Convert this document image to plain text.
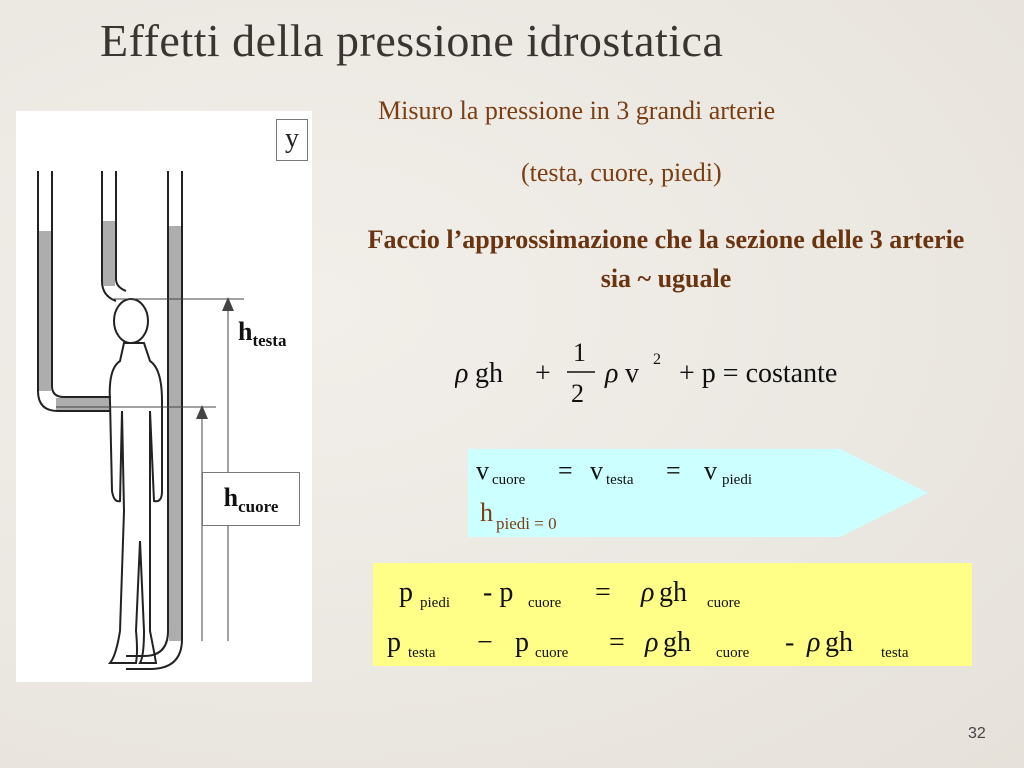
Effetti della pressione idrostatica
y
$h_{testa}$
$h_{cuore}$
Misuro la pressione in 3 grandi arterie
(testa, cuore, piedi)
Faccio l’approssimazione che la sezione delle 3 arterie sia ~ uguale
ρ gh +
1
2
ρ v 2 + p = costante
v cuore = v testa = v piedi
h piedi = 0
p piedi - p cuore = ρ gh cuore
p testa − p cuore = ρ gh cuore - ρ gh testa
32
